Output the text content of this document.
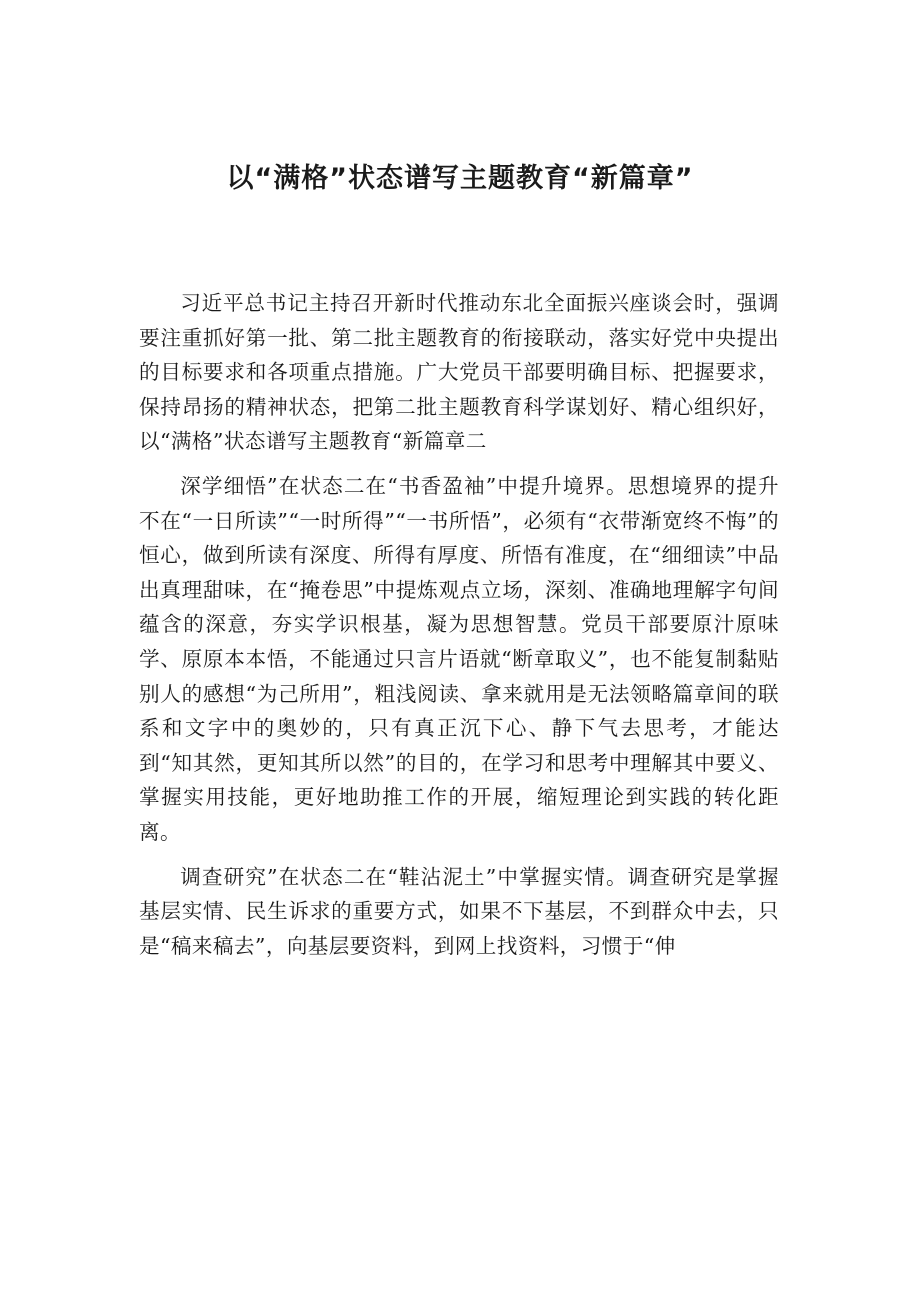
以“满格”状态谱写主题教育“新篇章”

习近平总书记主持召开新时代推动东北全面振兴座谈会时，强调要注重抓好第一批、第二批主题教育的衔接联动，落实好党中央提出的目标要求和各项重点措施。广大党员干部要明确目标、把握要求，保持昂扬的精神状态，把第二批主题教育科学谋划好、精心组织好，以“满格”状态谱写主题教育“新篇章二

深学细悟”在状态二在“书香盈袖”中提升境界。思想境界的提升不在“一日所读”“一时所得”“一书所悟”，必须有“衣带渐宽终不悔”的恒心，做到所读有深度、所得有厚度、所悟有准度，在“细细读”中品出真理甜味，在“掩卷思”中提炼观点立场，深刻、准确地理解字句间蕴含的深意，夯实学识根基，凝为思想智慧。党员干部要原汁原味学、原原本本悟，不能通过只言片语就“断章取义”，也不能复制黏贴别人的感想“为己所用”，粗浅阅读、拿来就用是无法领略篇章间的联系和文字中的奥妙的，只有真正沉下心、静下气去思考，才能达到“知其然，更知其所以然”的目的，在学习和思考中理解其中要义、掌握实用技能，更好地助推工作的开展，缩短理论到实践的转化距离。

调查研究”在状态二在“鞋沾泥土”中掌握实情。调查研究是掌握基层实情、民生诉求的重要方式，如果不下基层，不到群众中去，只是“稿来稿去”，向基层要资料，到网上找资料，习惯于“伸
